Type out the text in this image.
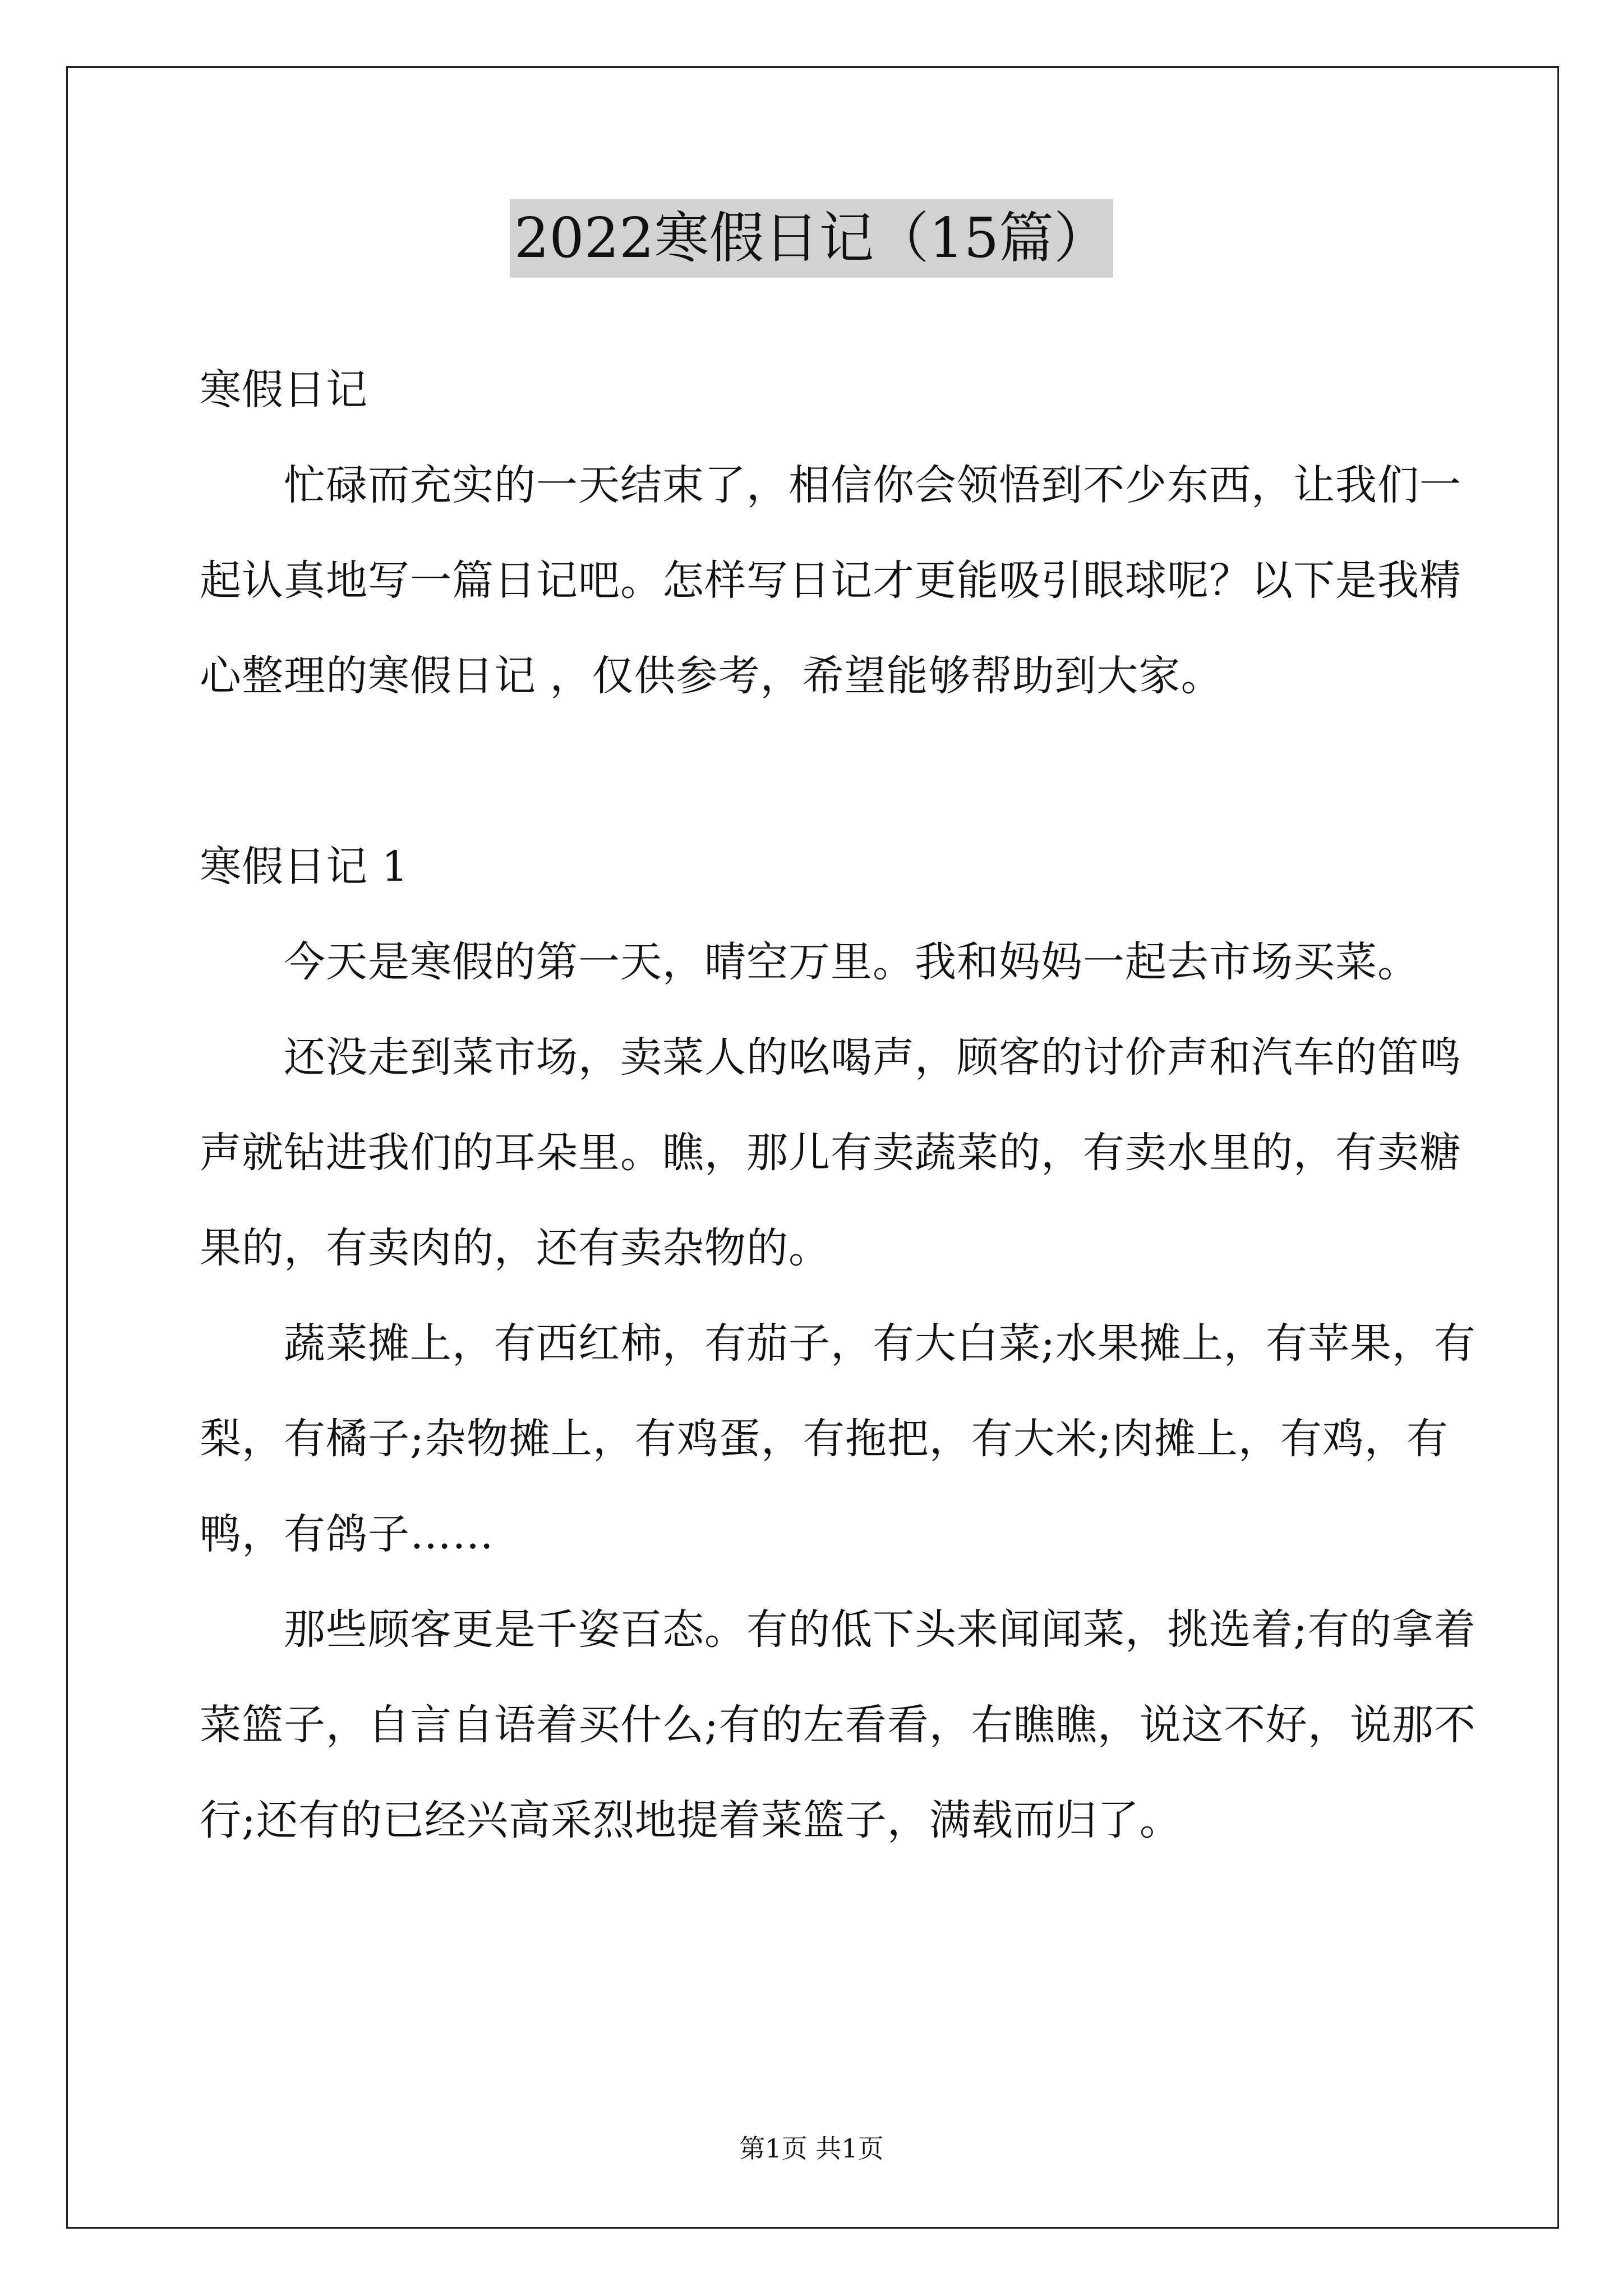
2022寒假日记（15篇）
寒假日记
忙碌而充实的一天结束了，相信你会领悟到不少东西，让我们一
起认真地写一篇日记吧。怎样写日记才更能吸引眼球呢？以下是我精
心整理的寒假日记 ，仅供参考，希望能够帮助到大家。
寒假日记 1
今天是寒假的第一天，晴空万里。我和妈妈一起去市场买菜。
还没走到菜市场，卖菜人的吆喝声，顾客的讨价声和汽车的笛鸣
声就钻进我们的耳朵里。瞧，那儿有卖蔬菜的，有卖水里的，有卖糖
果的，有卖肉的，还有卖杂物的。
蔬菜摊上，有西红柿，有茄子，有大白菜;水果摊上，有苹果，有
梨，有橘子;杂物摊上，有鸡蛋，有拖把，有大米;肉摊上，有鸡，有
鸭，有鸽子……
那些顾客更是千姿百态。有的低下头来闻闻菜，挑选着;有的拿着
菜篮子，自言自语着买什么;有的左看看，右瞧瞧，说这不好，说那不
行;还有的已经兴高采烈地提着菜篮子，满载而归了。
第1页 共1页
